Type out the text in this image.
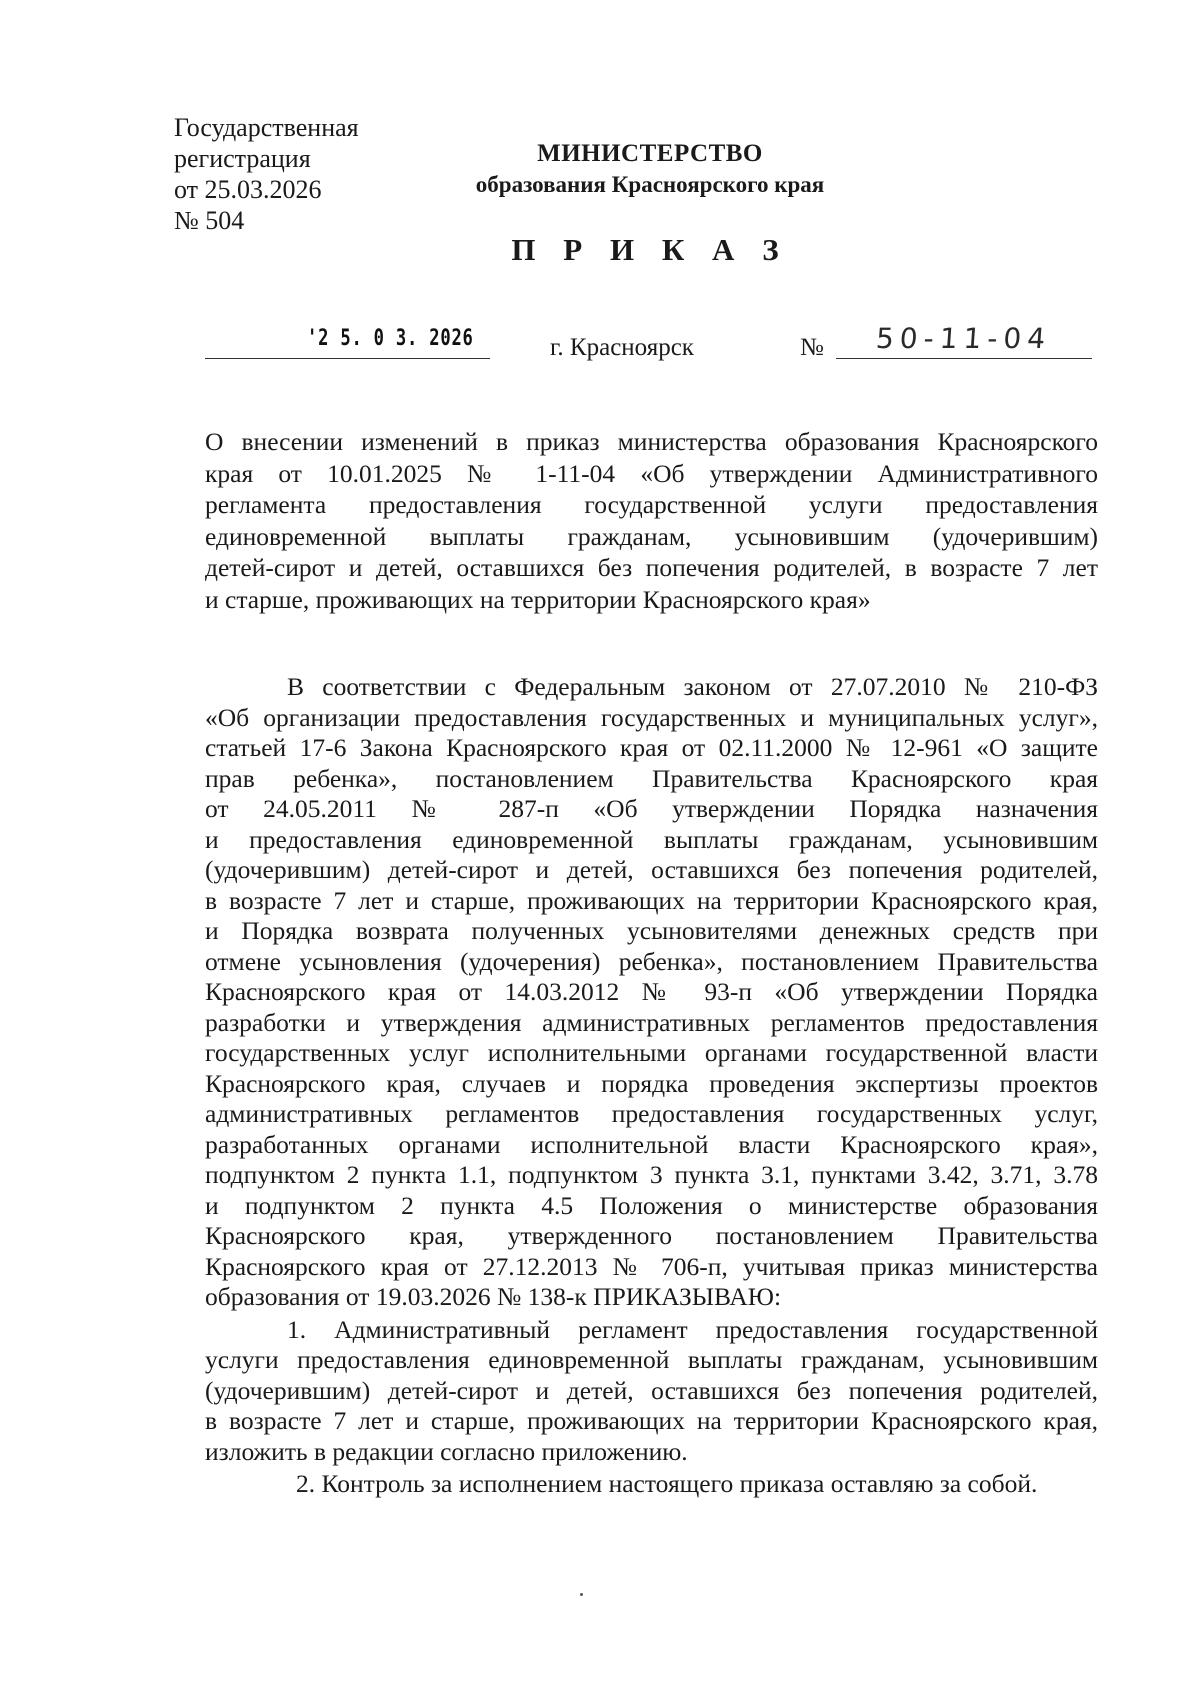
Государственная
регистрация
от 25.03.2026
№ 504
МИНИСТЕРСТВО
образования Красноярского края
П Р И К А З
'2 5. 0 3. 2026	г. Красноярск	№ 50-11-04
О внесении изменений в приказ министерства образования Красноярского
края от 10.01.2025 № 1-11-04 «Об утверждении Административного
регламента предоставления государственной услуги предоставления
единовременной выплаты гражданам, усыновившим (удочерившим)
детей-сирот и детей, оставшихся без попечения родителей, в возрасте 7 лет
и старше, проживающих на территории Красноярского края»
В соответствии с Федеральным законом от 27.07.2010 № 210-ФЗ
«Об организации предоставления государственных и муниципальных услуг»,
статьей 17-6 Закона Красноярского края от 02.11.2000 № 12-961 «О защите
прав ребенка», постановлением Правительства Красноярского края
от 24.05.2011 № 287-п «Об утверждении Порядка назначения
и предоставления единовременной выплаты гражданам, усыновившим
(удочерившим) детей-сирот и детей, оставшихся без попечения родителей,
в возрасте 7 лет и старше, проживающих на территории Красноярского края,
и Порядка возврата полученных усыновителями денежных средств при
отмене усыновления (удочерения) ребенка», постановлением Правительства
Красноярского края от 14.03.2012 № 93-п «Об утверждении Порядка
разработки и утверждения административных регламентов предоставления
государственных услуг исполнительными органами государственной власти
Красноярского края, случаев и порядка проведения экспертизы проектов
административных регламентов предоставления государственных услуг,
разработанных органами исполнительной власти Красноярского края»,
подпунктом 2 пункта 1.1, подпунктом 3 пункта 3.1, пунктами 3.42, 3.71, 3.78
и подпунктом 2 пункта 4.5 Положения о министерстве образования
Красноярского края, утвержденного постановлением Правительства
Красноярского края от 27.12.2013 № 706-п, учитывая приказ министерства
образования от 19.03.2026 № 138-к ПРИКАЗЫВАЮ:
1. Административный регламент предоставления государственной
услуги предоставления единовременной выплаты гражданам, усыновившим
(удочерившим) детей-сирот и детей, оставшихся без попечения родителей,
в возрасте 7 лет и старше, проживающих на территории Красноярского края,
изложить в редакции согласно приложению.
2. Контроль за исполнением настоящего приказа оставляю за собой.
